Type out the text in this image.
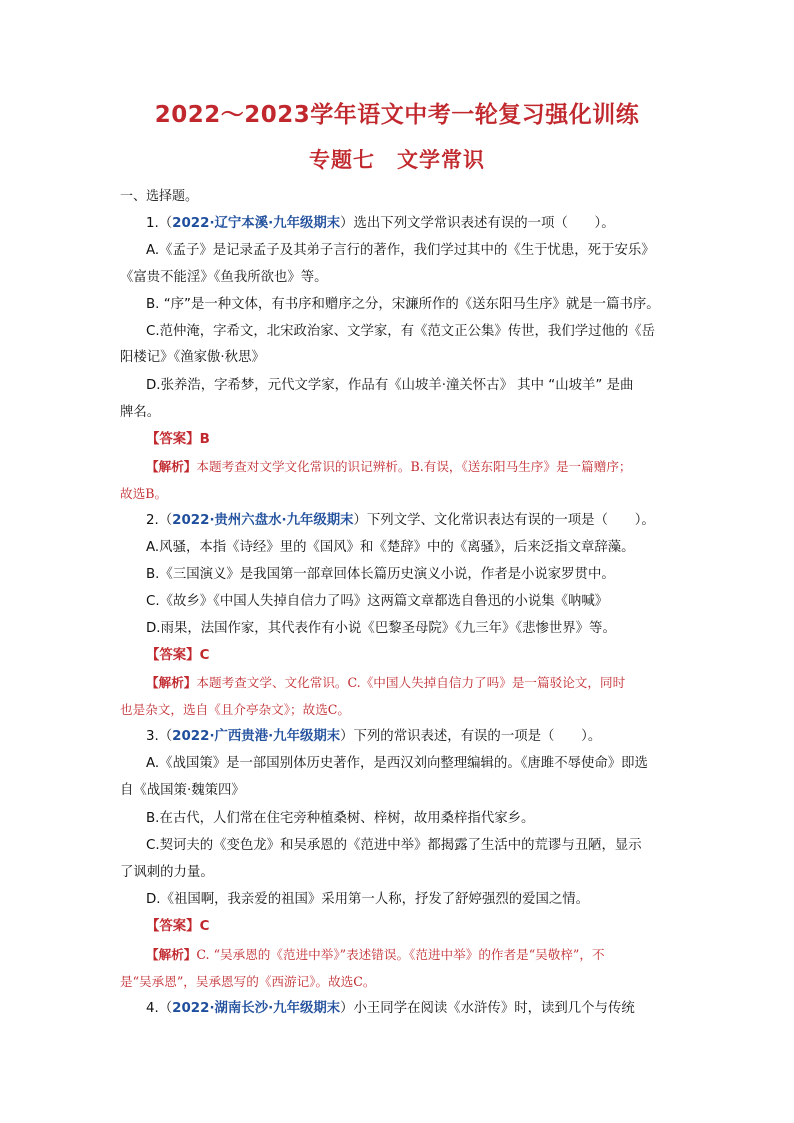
2022～2023学年语文中考一轮复习强化训练
专题七　文学常识
一、选择题。
1.（2022·辽宁本溪·九年级期末）选出下列文学常识表述有误的一项（　　）。
A.《孟子》是记录孟子及其弟子言行的著作，我们学过其中的《生于忧患，死于安乐》
《富贵不能淫》《鱼我所欲也》等。
B. “序”是一种文体，有书序和赠序之分，宋濂所作的《送东阳马生序》就是一篇书序。
C.范仲淹，字希文，北宋政治家、文学家，有《范文正公集》传世，我们学过他的《岳
阳楼记》《渔家傲·秋思》
D.张养浩，字希梦，元代文学家，作品有《山坡羊·潼关怀古》 其中 “山坡羊” 是曲
牌名。
【答案】B
【解析】本题考查对文学文化常识的识记辨析。B.有误，《送东阳马生序》是一篇赠序；
故选B。
2.（2022·贵州六盘水·九年级期末）下列文学、文化常识表达有误的一项是（　　）。
A.风骚，本指《诗经》里的《国风》和《楚辞》中的《离骚》，后来泛指文章辞藻。
B.《三国演义》是我国第一部章回体长篇历史演义小说，作者是小说家罗贯中。
C.《故乡》《中国人失掉自信力了吗》这两篇文章都选自鲁迅的小说集《呐喊》
D.雨果，法国作家，其代表作有小说《巴黎圣母院》《九三年》《悲惨世界》等。
【答案】C
【解析】本题考查文学、文化常识。C.《中国人失掉自信力了吗》是一篇驳论文，同时
也是杂文，选自《且介亭杂文》；故选C。
3.（2022·广西贵港·九年级期末）下列的常识表述，有误的一项是（　　）。
A.《战国策》是一部国别体历史著作，是西汉刘向整理编辑的。《唐雎不辱使命》即选
自《战国策·魏策四》
B.在古代，人们常在住宅旁种植桑树、梓树，故用桑梓指代家乡。
C.契诃夫的《变色龙》和吴承恩的《范进中举》都揭露了生活中的荒谬与丑陋，显示
了讽刺的力量。
D.《祖国啊，我亲爱的祖国》采用第一人称，抒发了舒婷强烈的爱国之情。
【答案】C
【解析】C. “吴承恩的《范进中举》”表述错误。《范进中举》的作者是“吴敬梓”，不
是“吴承恩”，吴承恩写的《西游记》。故选C。
4.（2022·湖南长沙·九年级期末）小王同学在阅读《水浒传》时，读到几个与传统
